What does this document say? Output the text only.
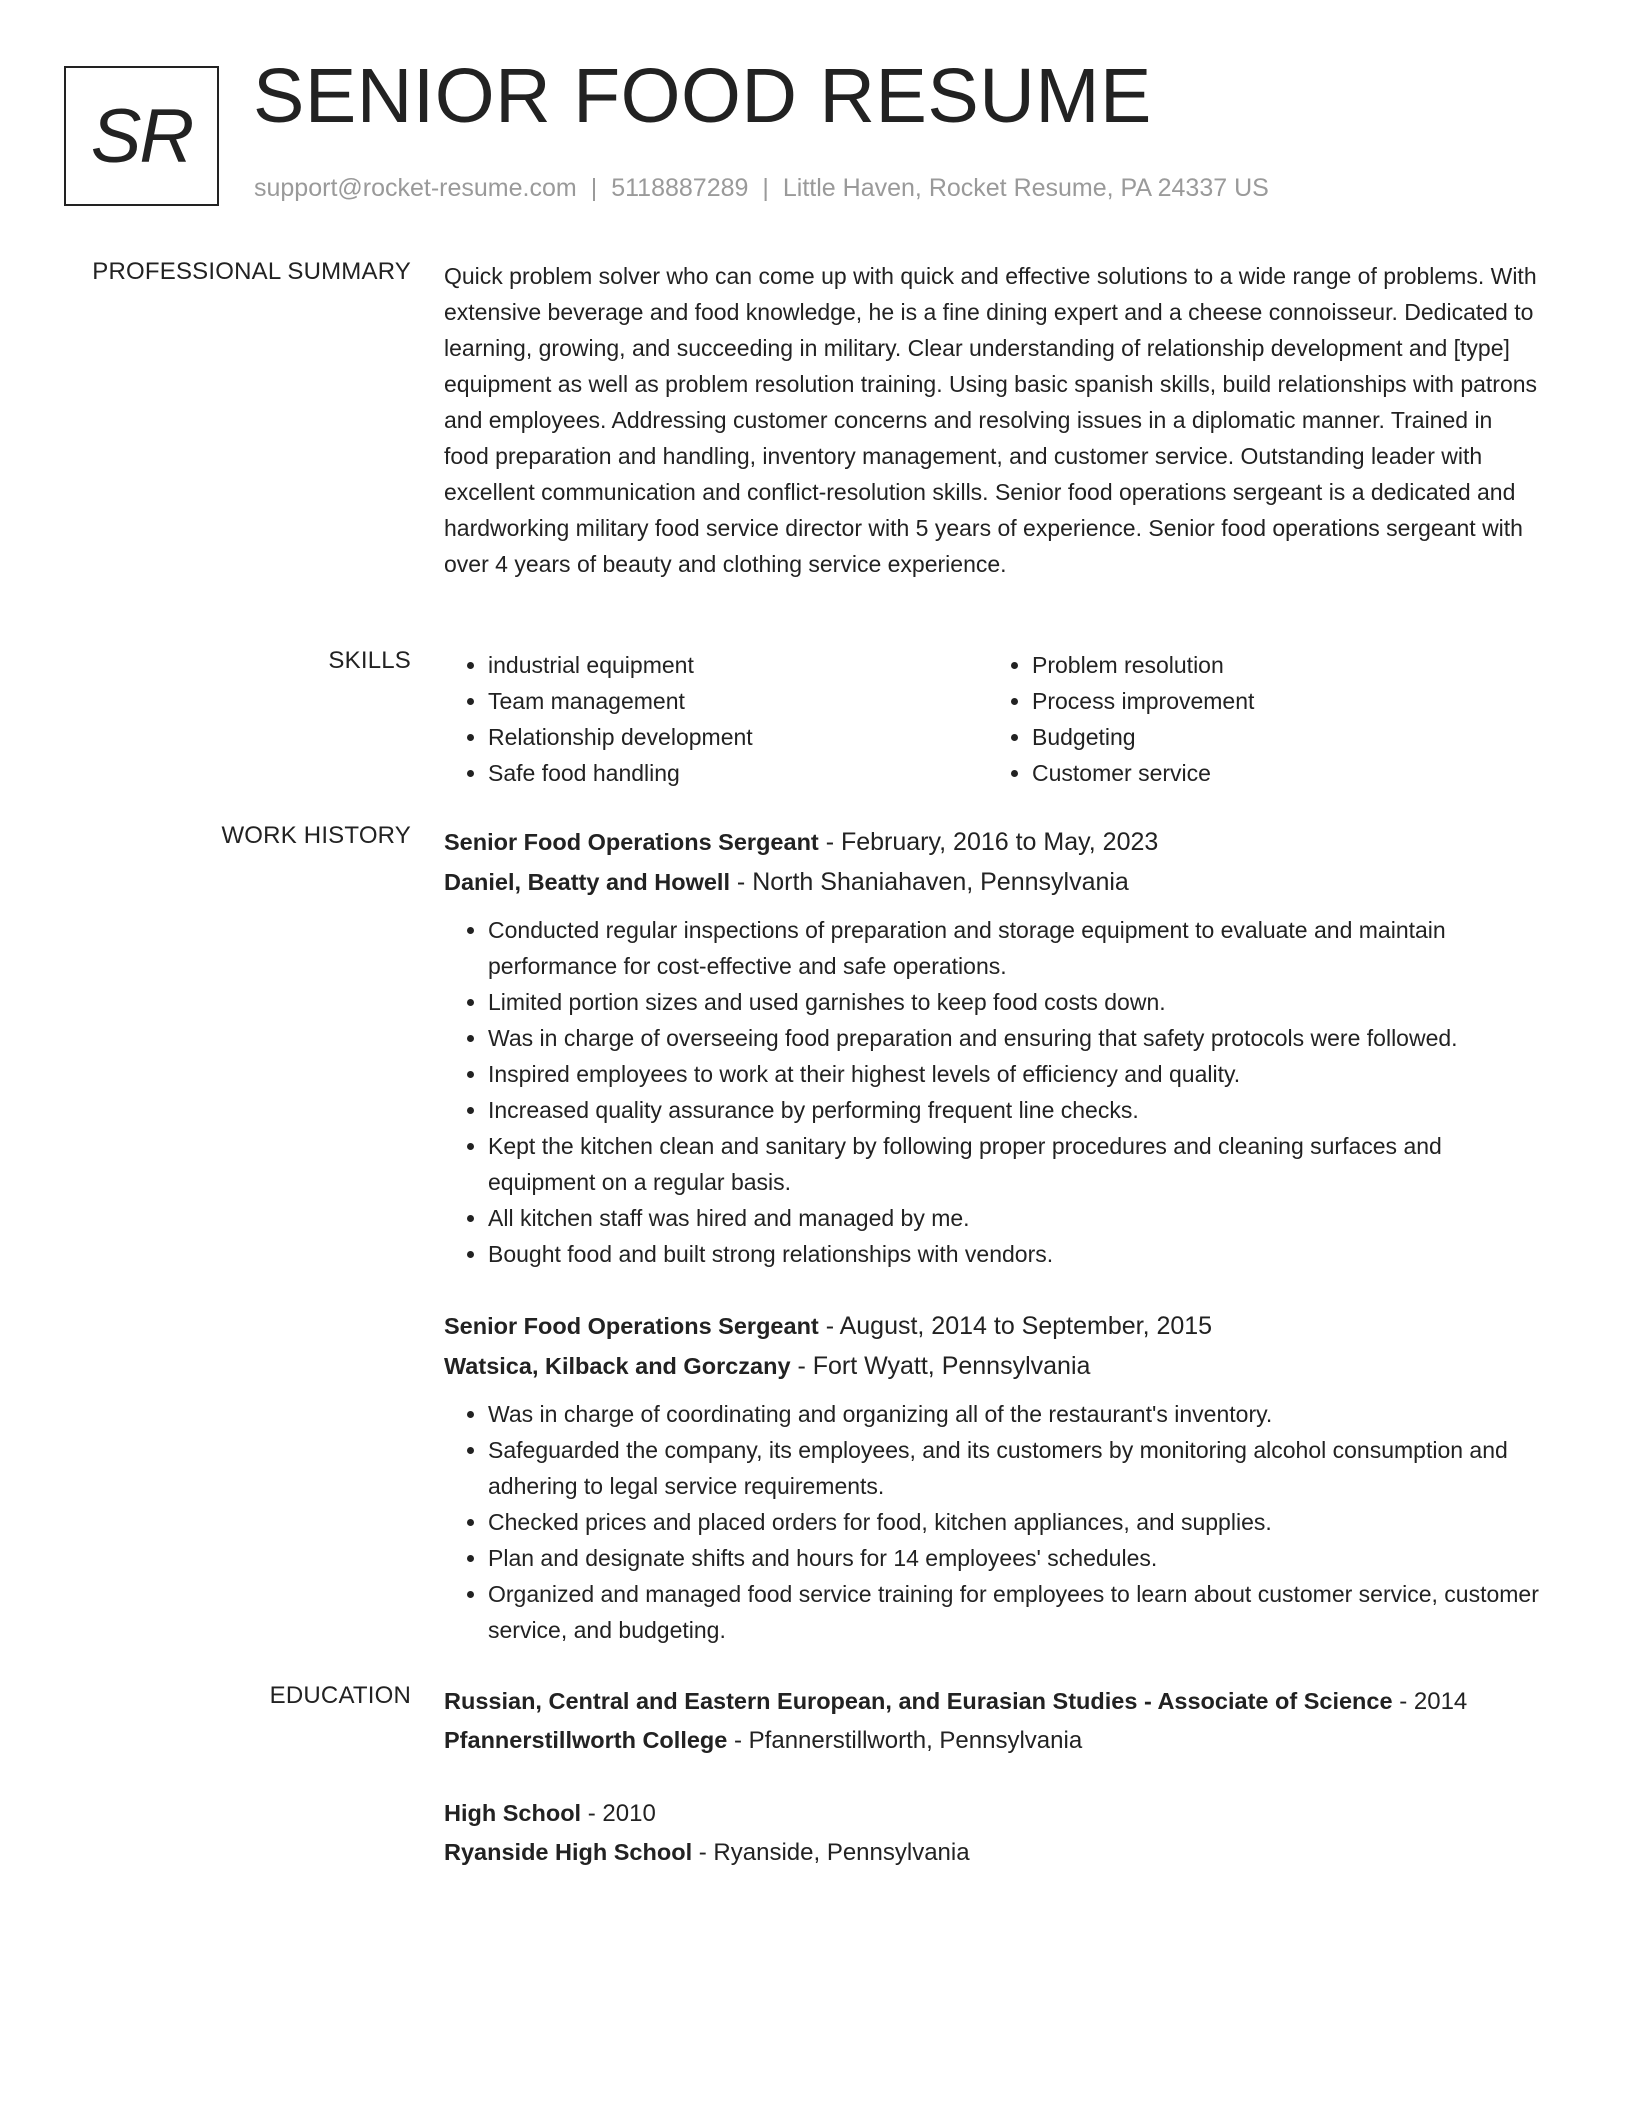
SR SENIOR FOOD RESUME
support@rocket-resume.com | 5118887289 | Little Haven, Rocket Resume, PA 24337 US
PROFESSIONAL SUMMARY Quick problem solver who can come up with quick and effective solutions to a wide range of problems. With extensive beverage and food knowledge, he is a fine dining expert and a cheese connoisseur. Dedicated to learning, growing, and succeeding in military. Clear understanding of relationship development and [type] equipment as well as problem resolution training. Using basic spanish skills, build relationships with patrons and employees. Addressing customer concerns and resolving issues in a diplomatic manner. Trained in food preparation and handling, inventory management, and customer service. Outstanding leader with excellent communication and conflict-resolution skills. Senior food operations sergeant is a dedicated and hardworking military food service director with 5 years of experience. Senior food operations sergeant with over 4 years of beauty and clothing service experience.
SKILLS
•	industrial equipment
• Team management
• Relationship development
• Safe food handling
• Problem resolution
• Process improvement
• Budgeting
• Customer service
WORK HISTORY Senior Food Operations Sergeant - February, 2016 to May, 2023
Daniel, Beatty and Howell - North Shaniahaven, Pennsylvania
• Conducted regular inspections of preparation and storage equipment to evaluate and maintain performance for cost-effective and safe operations.
• Limited portion sizes and used garnishes to keep food costs down.
• Was in charge of overseeing food preparation and ensuring that safety protocols were followed.
• Inspired employees to work at their highest levels of efficiency and quality.
• Increased quality assurance by performing frequent line checks.
• Kept the kitchen clean and sanitary by following proper procedures and cleaning surfaces and equipment on a regular basis.
• All kitchen staff was hired and managed by me.
• Bought food and built strong relationships with vendors.
Senior Food Operations Sergeant - August, 2014 to September, 2015
Watsica, Kilback and Gorczany - Fort Wyatt, Pennsylvania
• Was in charge of coordinating and organizing all of the restaurant's inventory.
• Safeguarded the company, its employees, and its customers by monitoring alcohol consumption and adhering to legal service requirements.
• Checked prices and placed orders for food, kitchen appliances, and supplies.
• Plan and designate shifts and hours for 14 employees' schedules.
• Organized and managed food service training for employees to learn about customer service, customer service, and budgeting.
EDUCATION Russian, Central and Eastern European, and Eurasian Studies - Associate of Science - 2014
Pfannerstillworth College - Pfannerstillworth, Pennsylvania
High School - 2010
Ryanside High School - Ryanside, Pennsylvania
